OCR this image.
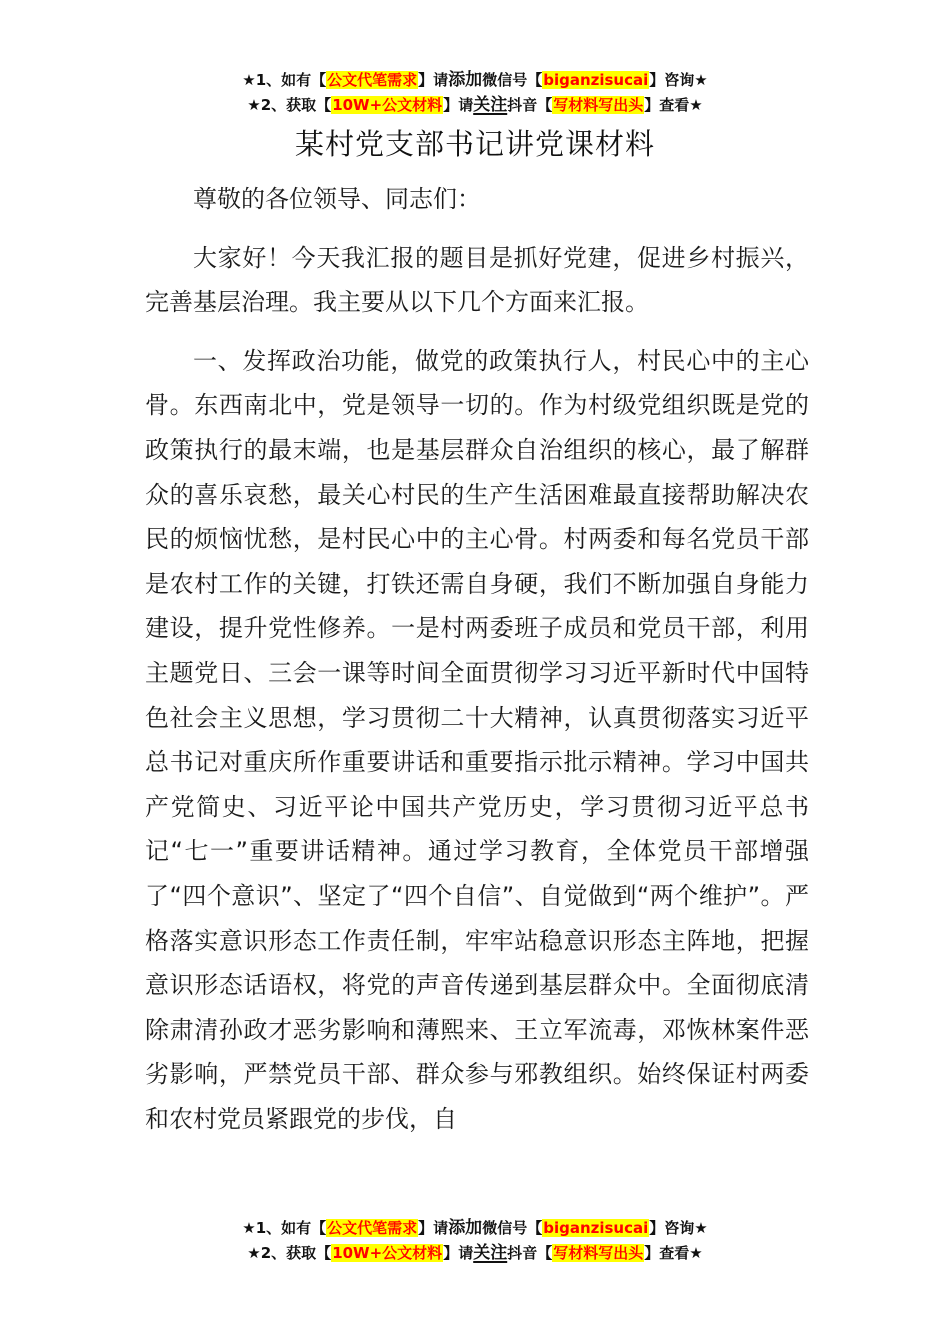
★1、如有【公文代笔需求】请添加微信号【biganzisucai】咨询★
★2、获取【10W+公文材料】请关注抖音【写材料写出头】查看★
某村党支部书记讲党课材料

尊敬的各位领导、同志们：

大家好！今天我汇报的题目是抓好党建，促进乡村振兴，完善基层治理。我主要从以下几个方面来汇报。

一、发挥政治功能，做党的政策执行人，村民心中的主心骨。东西南北中，党是领导一切的。作为村级党组织既是党的政策执行的最末端，也是基层群众自治组织的核心，最了解群众的喜乐哀愁，最关心村民的生产生活困难最直接帮助解决农民的烦恼忧愁，是村民心中的主心骨。村两委和每名党员干部是农村工作的关键，打铁还需自身硬，我们不断加强自身能力建设，提升党性修养。一是村两委班子成员和党员干部，利用主题党日、三会一课等时间全面贯彻学习习近平新时代中国特色社会主义思想，学习贯彻二十大精神，认真贯彻落实习近平总书记对重庆所作重要讲话和重要指示批示精神。学习中国共产党简史、习近平论中国共产党历史，学习贯彻习近平总书记“七一”重要讲话精神。通过学习教育，全体党员干部增强了“四个意识”、坚定了“四个自信”、自觉做到“两个维护”。严格落实意识形态工作责任制，牢牢站稳意识形态主阵地，把握意识形态话语权，将党的声音传递到基层群众中。全面彻底清除肃清孙政才恶劣影响和薄熙来、王立军流毒，邓恢林案件恶劣影响，严禁党员干部、群众参与邪教组织。始终保证村两委和农村党员紧跟党的步伐，自

★1、如有【公文代笔需求】请添加微信号【biganzisucai】咨询★
★2、获取【10W+公文材料】请关注抖音【写材料写出头】查看★
